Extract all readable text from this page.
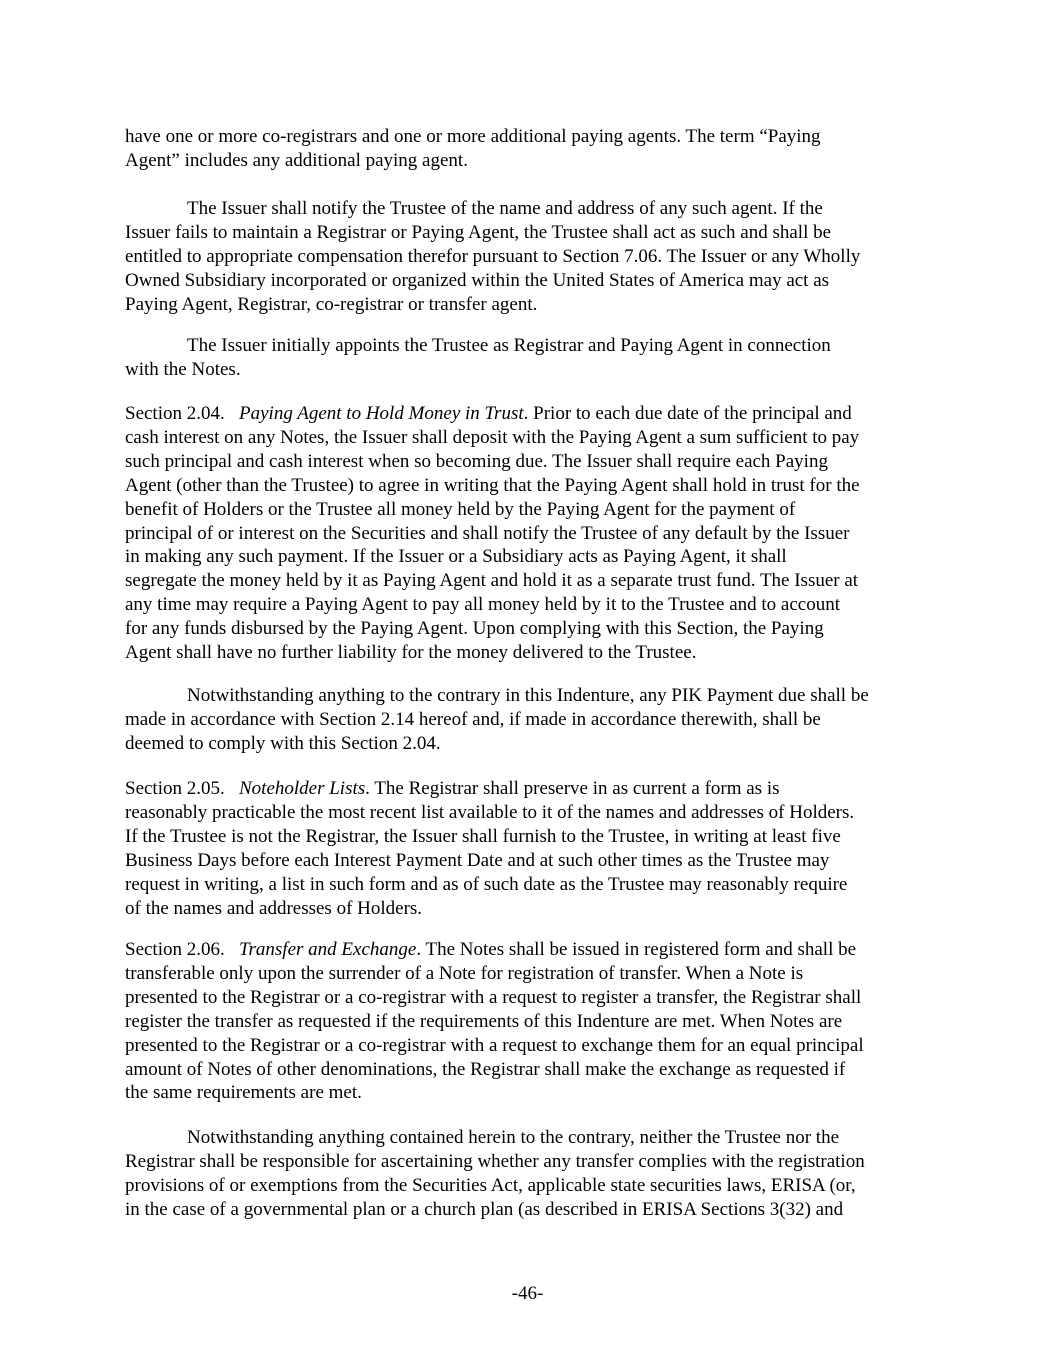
have one or more co-registrars and one or more additional paying agents. The term “Paying
Agent” includes any additional paying agent.
The Issuer shall notify the Trustee of the name and address of any such agent. If the
Issuer fails to maintain a Registrar or Paying Agent, the Trustee shall act as such and shall be
entitled to appropriate compensation therefor pursuant to Section 7.06. The Issuer or any Wholly
Owned Subsidiary incorporated or organized within the United States of America may act as
Paying Agent, Registrar, co-registrar or transfer agent.
The Issuer initially appoints the Trustee as Registrar and Paying Agent in connection
with the Notes.
Section 2.04. Paying Agent to Hold Money in Trust. Prior to each due date of the principal and
cash interest on any Notes, the Issuer shall deposit with the Paying Agent a sum sufficient to pay
such principal and cash interest when so becoming due. The Issuer shall require each Paying
Agent (other than the Trustee) to agree in writing that the Paying Agent shall hold in trust for the
benefit of Holders or the Trustee all money held by the Paying Agent for the payment of
principal of or interest on the Securities and shall notify the Trustee of any default by the Issuer
in making any such payment. If the Issuer or a Subsidiary acts as Paying Agent, it shall
segregate the money held by it as Paying Agent and hold it as a separate trust fund. The Issuer at
any time may require a Paying Agent to pay all money held by it to the Trustee and to account
for any funds disbursed by the Paying Agent. Upon complying with this Section, the Paying
Agent shall have no further liability for the money delivered to the Trustee.
Notwithstanding anything to the contrary in this Indenture, any PIK Payment due shall be
made in accordance with Section 2.14 hereof and, if made in accordance therewith, shall be
deemed to comply with this Section 2.04.
Section 2.05. Noteholder Lists. The Registrar shall preserve in as current a form as is
reasonably practicable the most recent list available to it of the names and addresses of Holders.
If the Trustee is not the Registrar, the Issuer shall furnish to the Trustee, in writing at least five
Business Days before each Interest Payment Date and at such other times as the Trustee may
request in writing, a list in such form and as of such date as the Trustee may reasonably require
of the names and addresses of Holders.
Section 2.06. Transfer and Exchange. The Notes shall be issued in registered form and shall be
transferable only upon the surrender of a Note for registration of transfer. When a Note is
presented to the Registrar or a co-registrar with a request to register a transfer, the Registrar shall
register the transfer as requested if the requirements of this Indenture are met. When Notes are
presented to the Registrar or a co-registrar with a request to exchange them for an equal principal
amount of Notes of other denominations, the Registrar shall make the exchange as requested if
the same requirements are met.
Notwithstanding anything contained herein to the contrary, neither the Trustee nor the
Registrar shall be responsible for ascertaining whether any transfer complies with the registration
provisions of or exemptions from the Securities Act, applicable state securities laws, ERISA (or,
in the case of a governmental plan or a church plan (as described in ERISA Sections 3(32) and
-46-
